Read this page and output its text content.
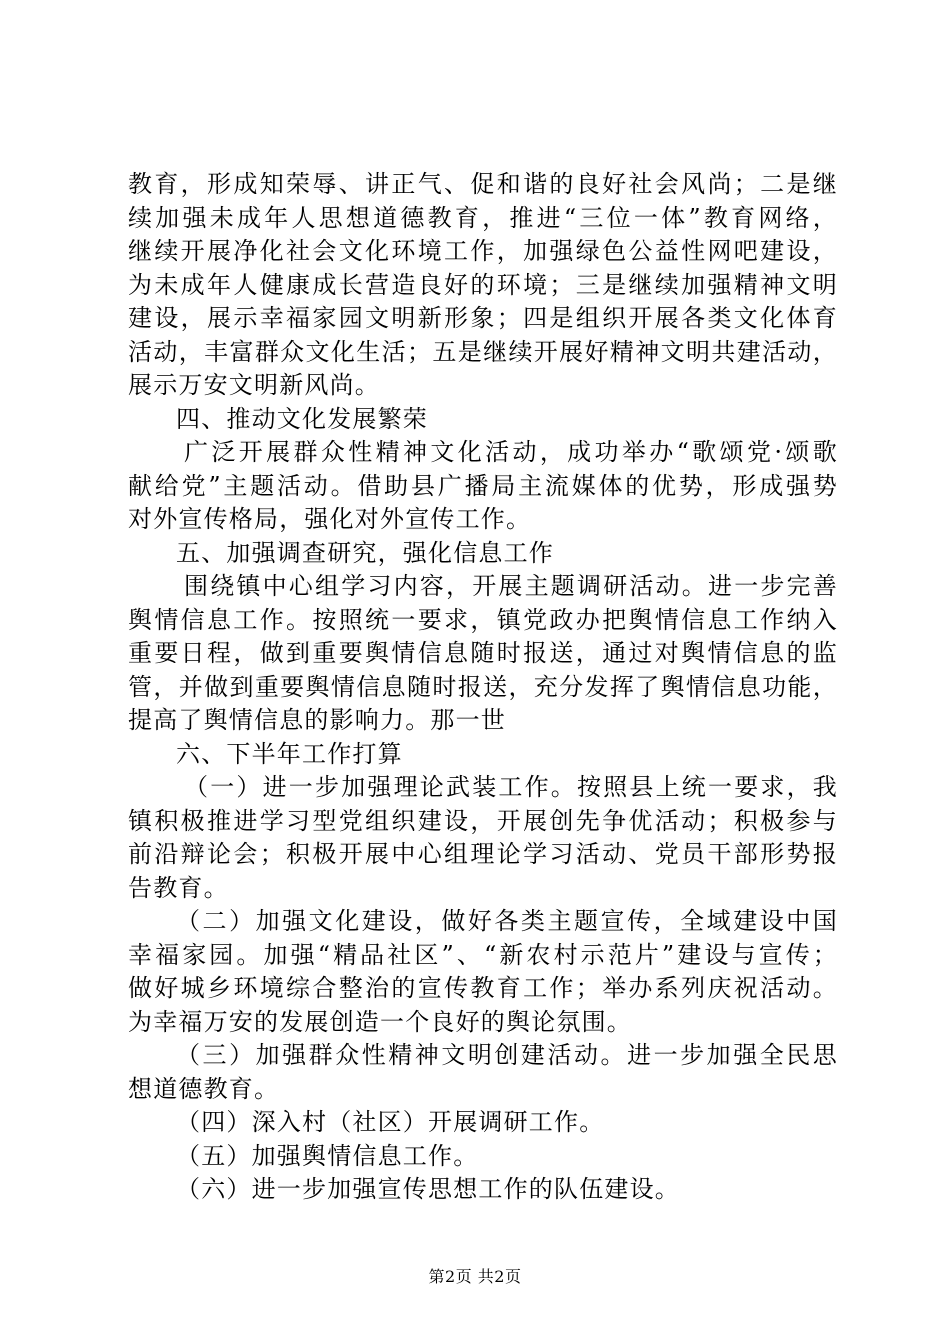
教育，形成知荣辱、讲正气、促和谐的良好社会风尚；二是继
续加强未成年人思想道德教育，推进“三位一体”教育网络，
继续开展净化社会文化环境工作，加强绿色公益性网吧建设，
为未成年人健康成长营造良好的环境；三是继续加强精神文明
建设，展示幸福家园文明新形象；四是组织开展各类文化体育
活动，丰富群众文化生活；五是继续开展好精神文明共建活动，
展示万安文明新风尚。
四、推动文化发展繁荣
广泛开展群众性精神文化活动，成功举办“歌颂党·颂歌
献给党”主题活动。借助县广播局主流媒体的优势，形成强势
对外宣传格局，强化对外宣传工作。
五、加强调查研究，强化信息工作
围绕镇中心组学习内容，开展主题调研活动。进一步完善
舆情信息工作。按照统一要求，镇党政办把舆情信息工作纳入
重要日程，做到重要舆情信息随时报送，通过对舆情信息的监
管，并做到重要舆情信息随时报送，充分发挥了舆情信息功能，
提高了舆情信息的影响力。那一世
六、下半年工作打算
（一）进一步加强理论武装工作。按照县上统一要求，我
镇积极推进学习型党组织建设，开展创先争优活动；积极参与
前沿辩论会；积极开展中心组理论学习活动、党员干部形势报
告教育。
（二）加强文化建设，做好各类主题宣传，全域建设中国
幸福家园。加强“精品社区”、“新农村示范片”建设与宣传；
做好城乡环境综合整治的宣传教育工作；举办系列庆祝活动。
为幸福万安的发展创造一个良好的舆论氛围。
（三）加强群众性精神文明创建活动。进一步加强全民思
想道德教育。
（四）深入村（社区）开展调研工作。
（五）加强舆情信息工作。
（六）进一步加强宣传思想工作的队伍建设。
第2页 共2页
